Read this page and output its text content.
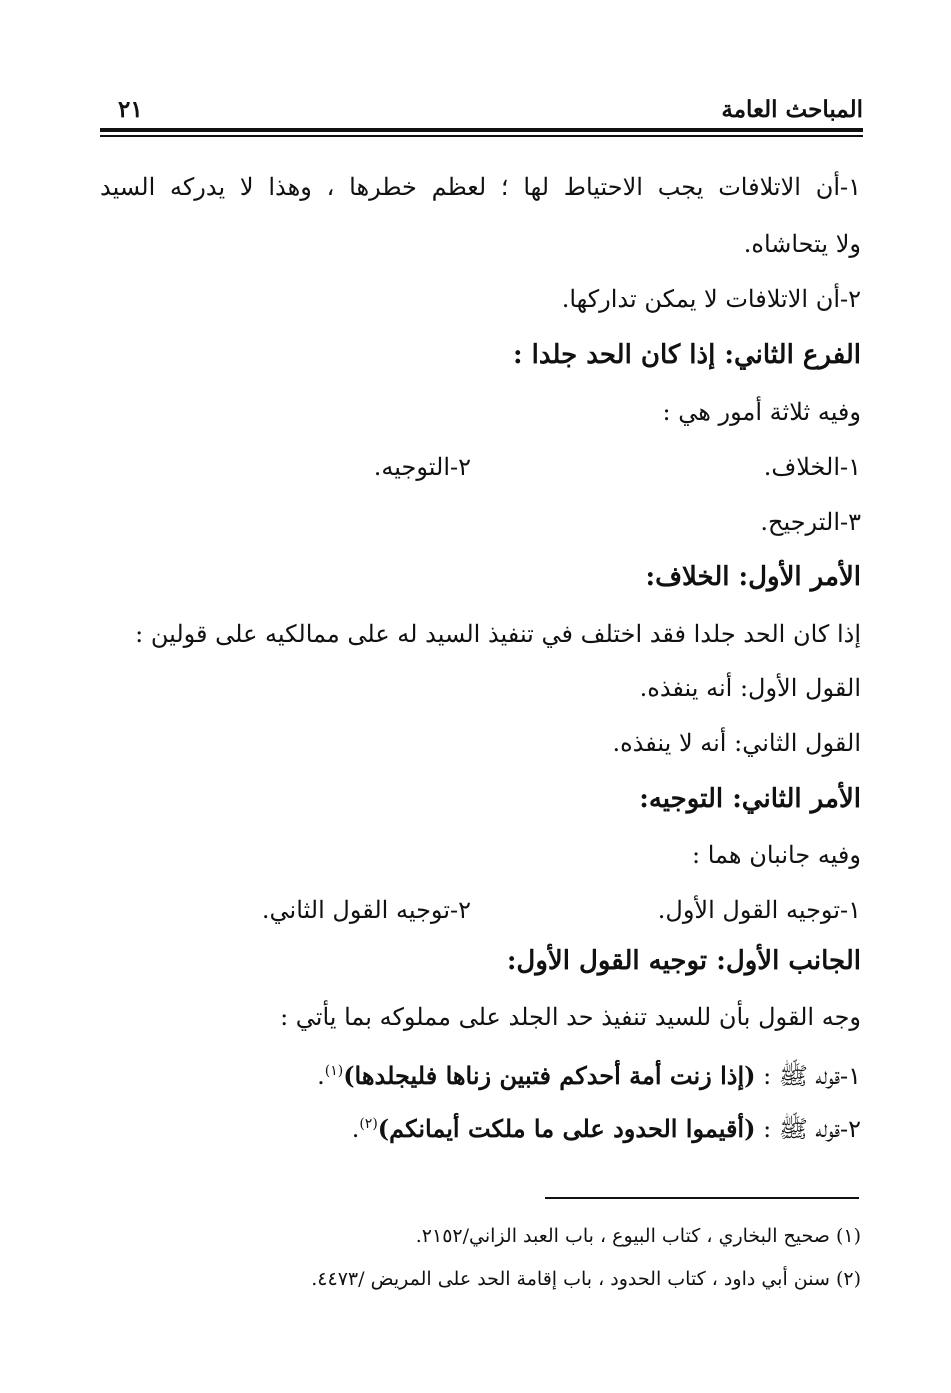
المباحث العامة
٢١
١-أن الاتلافات يجب الاحتياط لها ؛ لعظم خطرها ، وهذا لا يدركه السيد
ولا يتحاشاه.
٢-أن الاتلافات لا يمكن تداركها.
الفرع الثاني: إذا كان الحد جلدا :
وفيه ثلاثة أمور هي :
١-الخلاف.
٢-التوجيه.
٣-الترجيح.
الأمر الأول: الخلاف:
إذا كان الحد جلدا فقد اختلف في تنفيذ السيد له على ممالكيه على قولين :
القول الأول: أنه ينفذه.
القول الثاني: أنه لا ينفذه.
الأمر الثاني: التوجيه:
وفيه جانبان هما :
١-توجيه القول الأول.
٢-توجيه القول الثاني.
الجانب الأول: توجيه القول الأول:
وجه القول بأن للسيد تنفيذ حد الجلد على مملوكه بما يأتي :
١-قوله ﷺ : (إذا زنت أمة أحدكم فتبين زناها فليجلدها)$^{(١)}$.
٢-قوله ﷺ : (أقيموا الحدود على ما ملكت أيمانكم)$^{(٢)}$.
(١) صحيح البخاري ، كتاب البيوع ، باب العبد الزاني/٢١٥٢.
(٢) سنن أبي داود ، كتاب الحدود ، باب إقامة الحد على المريض /٤٤٧٣.
